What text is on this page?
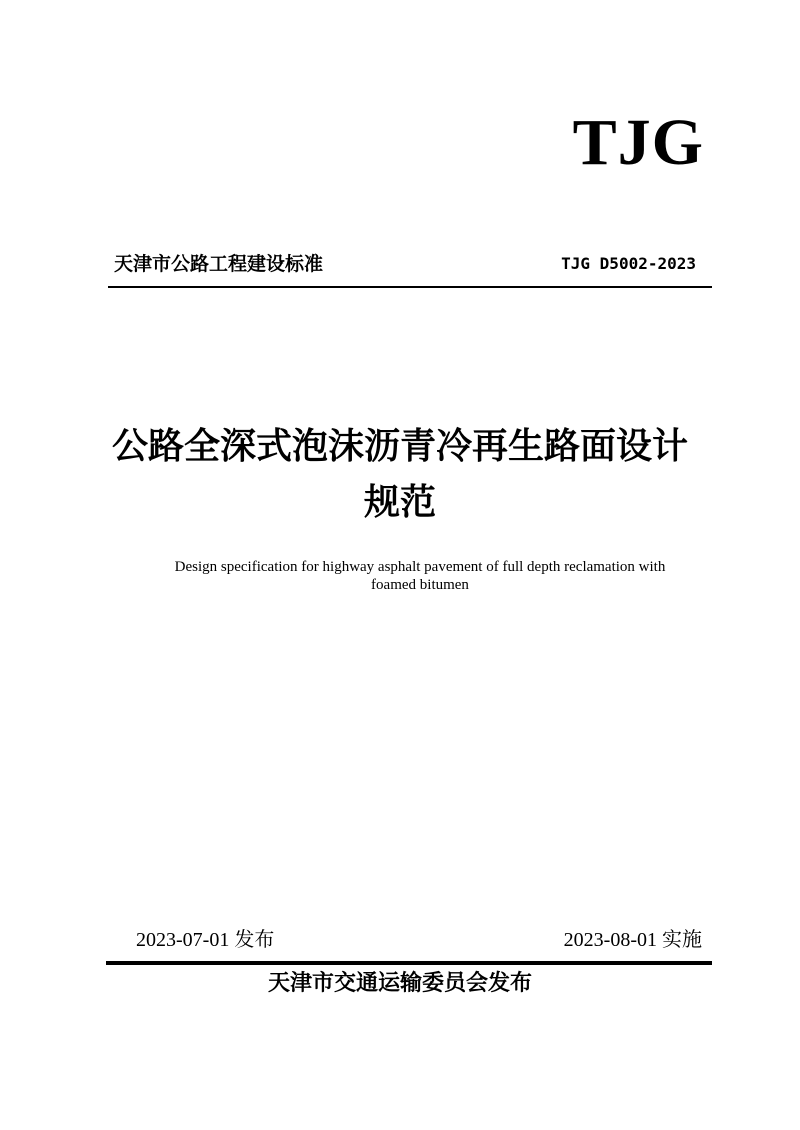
TJG
天津市公路工程建设标准	TJG D5002-2023
公路全深式泡沫沥青冷再生路面设计
规范
Design specification for highway asphalt pavement of full depth reclamation with
foamed bitumen
2023-07-01 发布	2023-08-01 实施
天津市交通运输委员会发布
